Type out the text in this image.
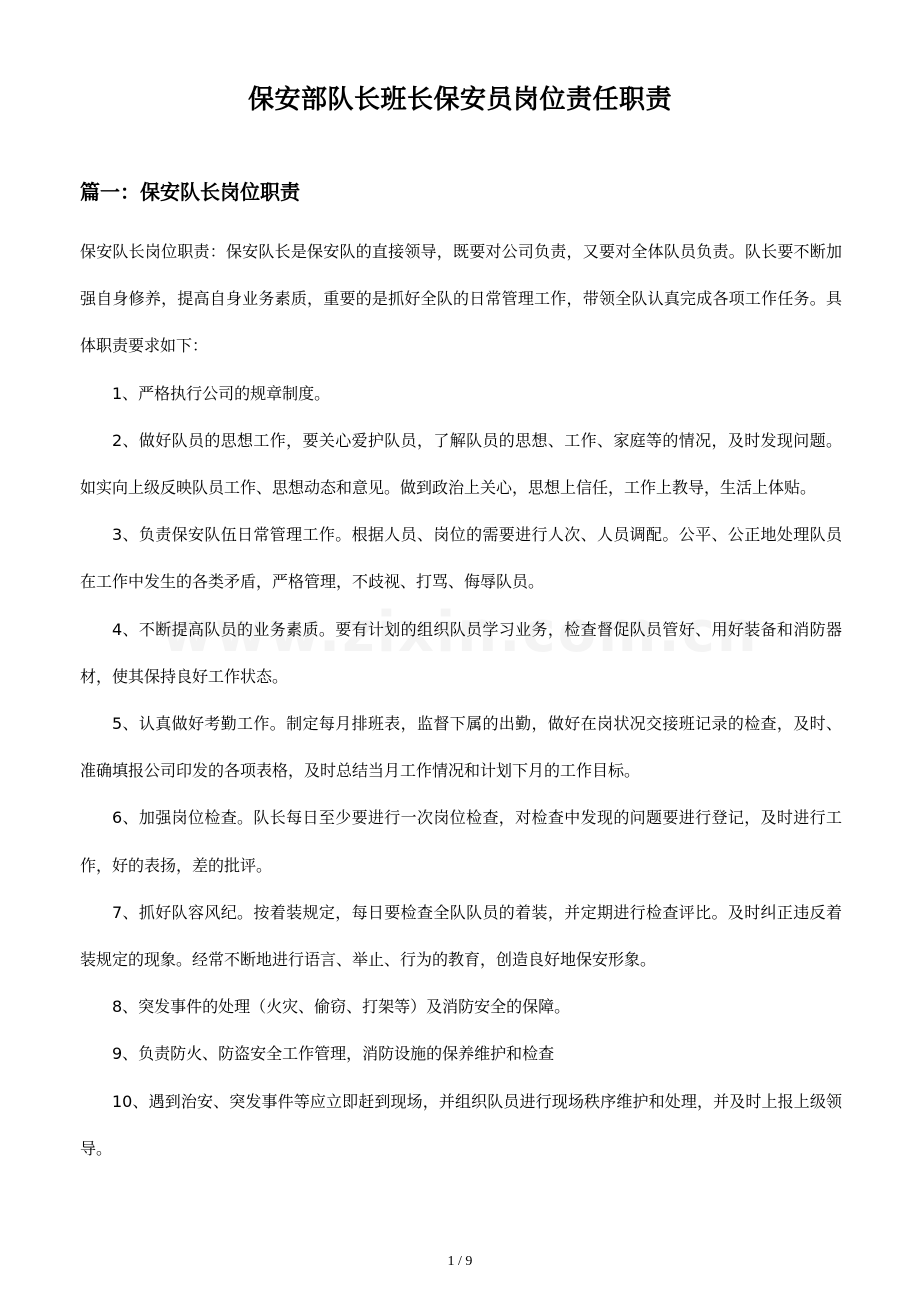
保安部队长班长保安员岗位责任职责
篇一：保安队长岗位职责

保安队长岗位职责：保安队长是保安队的直接领导，既要对公司负责，又要对全体队员负责。队长要不断加强自身修养，提高自身业务素质，重要的是抓好全队的日常管理工作，带领全队认真完成各项工作任务。具体职责要求如下：

1、严格执行公司的规章制度。

2、做好队员的思想工作，要关心爱护队员，了解队员的思想、工作、家庭等的情况，及时发现问题。如实向上级反映队员工作、思想动态和意见。做到政治上关心，思想上信任，工作上教导，生活上体贴。

3、负责保安队伍日常管理工作。根据人员、岗位的需要进行人次、人员调配。公平、公正地处理队员在工作中发生的各类矛盾，严格管理，不歧视、打骂、侮辱队员。

4、不断提高队员的业务素质。要有计划的组织队员学习业务，检查督促队员管好、用好装备和消防器材，使其保持良好工作状态。

5、认真做好考勤工作。制定每月排班表，监督下属的出勤，做好在岗状况交接班记录的检查，及时、准确填报公司印发的各项表格，及时总结当月工作情况和计划下月的工作目标。

6、加强岗位检查。队长每日至少要进行一次岗位检查，对检查中发现的问题要进行登记，及时进行工作，好的表扬，差的批评。

7、抓好队容风纪。按着装规定，每日要检查全队队员的着装，并定期进行检查评比。及时纠正违反着装规定的现象。经常不断地进行语言、举止、行为的教育，创造良好地保安形象。

8、突发事件的处理（火灾、偷窃、打架等）及消防安全的保障。

9、负责防火、防盗安全工作管理，消防设施的保养维护和检查

10、遇到治安、突发事件等应立即赶到现场，并组织队员进行现场秩序维护和处理，并及时上报上级领导。

1 / 9
